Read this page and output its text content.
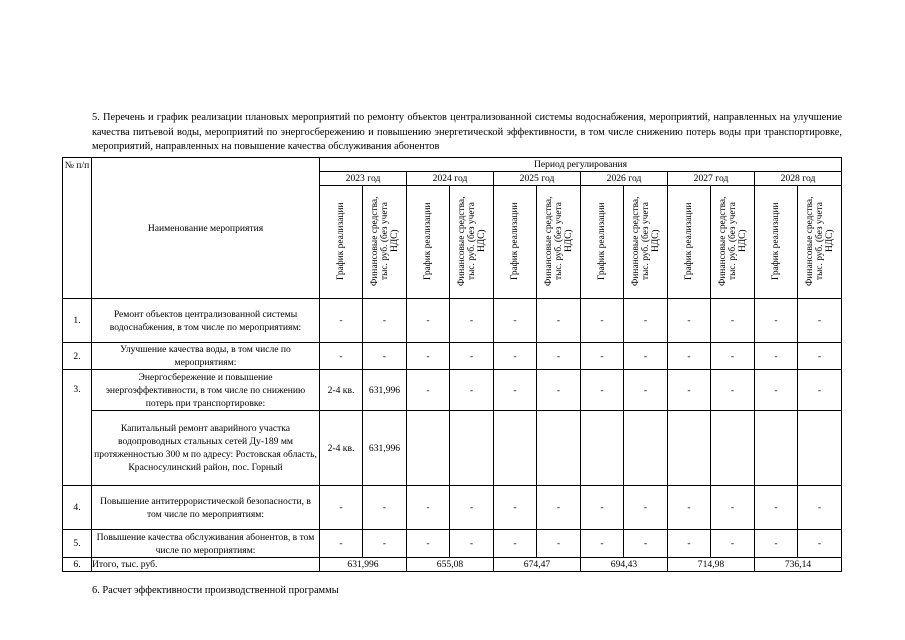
5. Перечень и график реализации плановых мероприятий по ремонту объектов централизованной системы водоснабжения, мероприятий, направленных на улучшение качества питьевой воды, мероприятий по энергосбережению и повышению энергетической эффективности, в том числе снижению потерь воды при транспортировке, мероприятий, направленных на повышение качества обслуживания абонентов

№ п/п	Наименование мероприятия	Период регулирования											
		2023 год		2024 год		2025 год		2026 год		2027 год		2028 год	
		График реализации	Финансовые средства, тыс. руб. (без учета НДС)	График реализации	Финансовые средства, тыс. руб. (без учета НДС)	График реализации	Финансовые средства, тыс. руб. (без учета НДС)	График реализации	Финансовые средства, тыс. руб. (без учета НДС)	График реализации	Финансовые средства, тыс. руб. (без учета НДС)	График реализации	Финансовые средства, тыс. руб. (без учета НДС)
1.	Ремонт объектов централизованной системы водоснабжения, в том числе по мероприятиям:	-	-	-	-	-	-	-	-	-	-	-	-
2.	Улучшение качества воды, в том числе по мероприятиям:	-	-	-	-	-	-	-	-	-	-	-	-
3.	Энергосбережение и повышение энергоэффективности, в том числе по снижению потерь при транспортировке:	2-4 кв.	631,996	-	-	-	-	-	-	-	-	-	-
	Капитальный ремонт аварийного участка водопроводных стальных сетей Ду-189 мм протяженностью 300 м по адресу: Ростовская область, Красносулинский район, пос. Горный	2-4 кв.	631,996										
4.	Повышение антитеррористической безопасности, в том числе по мероприятиям:	-	-	-	-	-	-	-	-	-	-	-	-
5.	Повышение качества обслуживания абонентов, в том числе по мероприятиям:	-	-	-	-	-	-	-	-	-	-	-	-
6.	Итого, тыс. руб.	631,996		655,08		674,47		694,43		714,98		736,14	

6. Расчет эффективности производственной программы
